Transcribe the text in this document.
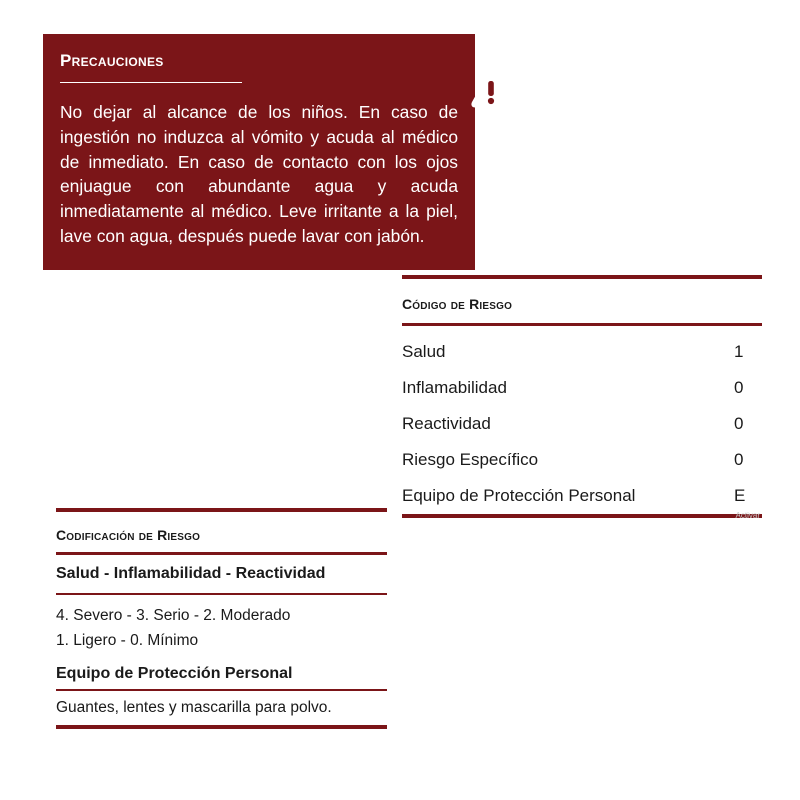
Precauciones

No dejar al alcance de los niños. En caso de ingestión no induzca al vómito y acuda al médico de inmediato. En caso de contacto con los ojos enjuague con abundante agua y acuda inmediatamente al médico. Leve irritante a la piel, lave con agua, después puede lavar con jabón.

Código de Riesgo
Salud	1
Inflamabilidad	0
Reactividad	0
Riesgo Específico	0
Equipo de Protección Personal	E
Activar
Codificación de Riesgo
Salud - Inflamabilidad - Reactividad
4. Severo - 3. Serio - 2. Moderado
1. Ligero - 0. Mínimo
Equipo de Protección Personal
Guantes, lentes y mascarilla para polvo.
